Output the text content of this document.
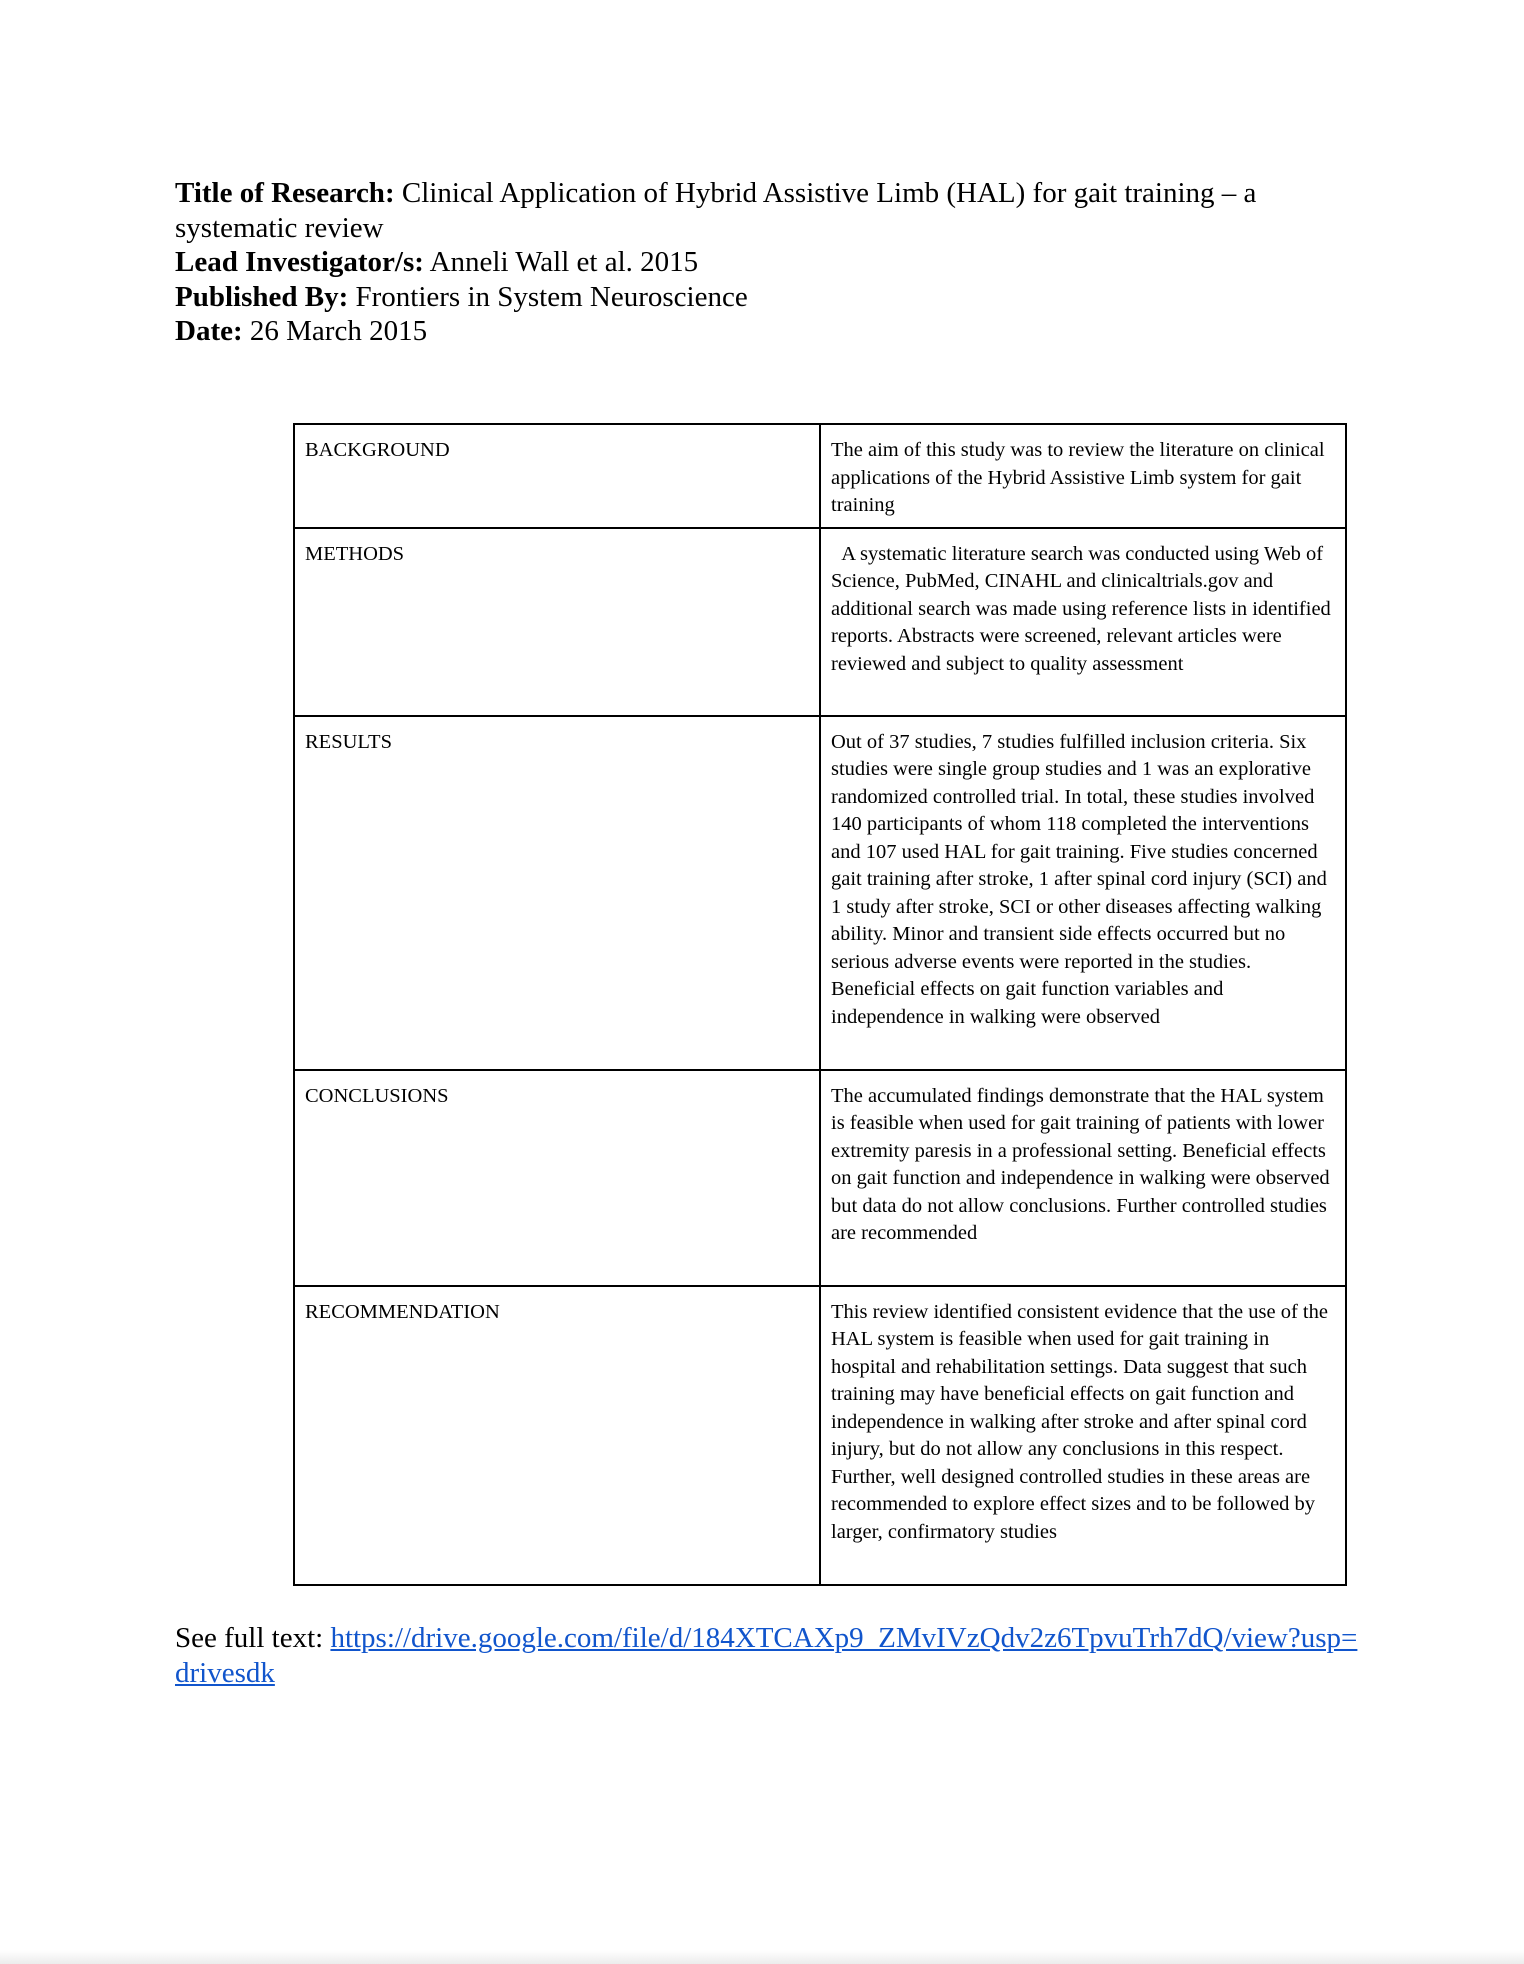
Title of Research: Clinical Application of Hybrid Assistive Limb (HAL) for gait training – a systematic review
Lead Investigator/s: Anneli Wall et al. 2015
Published By: Frontiers in System Neuroscience
Date: 26 March 2015
BACKGROUND	The aim of this study was to review the literature on clinical applications of the Hybrid Assistive Limb system for gait training
METHODS	A systematic literature search was conducted using Web of Science, PubMed, CINAHL and clinicaltrials.gov and additional search was made using reference lists in identified reports. Abstracts were screened, relevant articles were reviewed and subject to quality assessment
RESULTS	Out of 37 studies, 7 studies fulfilled inclusion criteria. Six studies were single group studies and 1 was an explorative randomized controlled trial. In total, these studies involved 140 participants of whom 118 completed the interventions and 107 used HAL for gait training. Five studies concerned gait training after stroke, 1 after spinal cord injury (SCI) and 1 study after stroke, SCI or other diseases affecting walking ability. Minor and transient side effects occurred but no serious adverse events were reported in the studies. Beneficial effects on gait function variables and independence in walking were observed
CONCLUSIONS	The accumulated findings demonstrate that the HAL system is feasible when used for gait training of patients with lower extremity paresis in a professional setting. Beneficial effects on gait function and independence in walking were observed but data do not allow conclusions. Further controlled studies are recommended
RECOMMENDATION	This review identified consistent evidence that the use of the HAL system is feasible when used for gait training in hospital and rehabilitation settings. Data suggest that such training may have beneficial effects on gait function and independence in walking after stroke and after spinal cord injury, but do not allow any conclusions in this respect. Further, well designed controlled studies in these areas are recommended to explore effect sizes and to be followed by larger, confirmatory studies
See full text: https://drive.google.com/file/d/184XTCAXp9_ZMvIVzQdv2z6TpvuTrh7dQ/view?usp=drivesdk
